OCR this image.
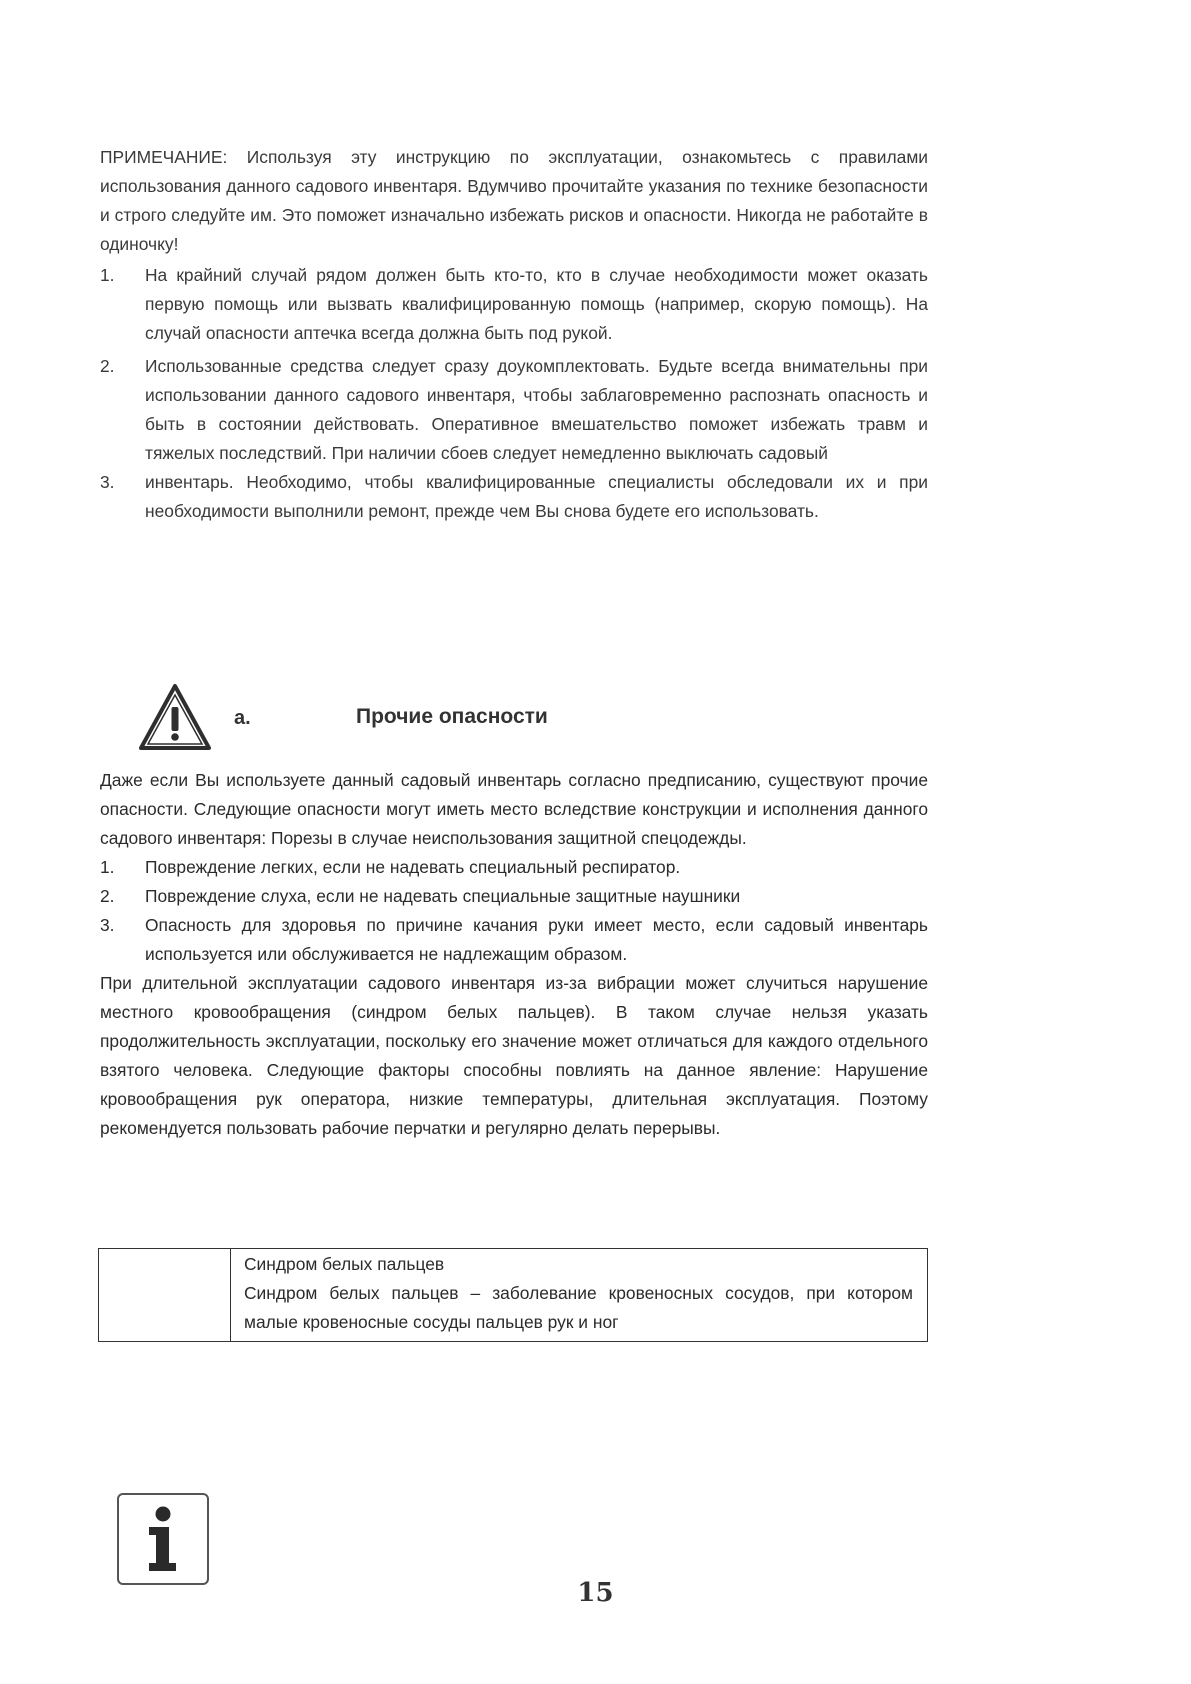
ПРИМЕЧАНИЕ: Используя эту инструкцию по эксплуатации, ознакомьтесь с правилами использования данного садового инвентаря. Вдумчиво прочитайте указания по технике безопасности и строго следуйте им. Это поможет изначально избежать рисков и опасности. Никогда не работайте в одиночку!

1. На крайний случай рядом должен быть кто-то, кто в случае необходимости может оказать первую помощь или вызвать квалифицированную помощь (например, скорую помощь). На случай опасности аптечка всегда должна быть под рукой.
2. Использованные средства следует сразу доукомплектовать. Будьте всегда внимательны при использовании данного садового инвентаря, чтобы заблаговременно распознать опасность и быть в состоянии действовать. Оперативное вмешательство поможет избежать травм и тяжелых последствий. При наличии сбоев следует немедленно выключать садовый
3. инвентарь. Необходимо, чтобы квалифицированные специалисты обследовали их и при необходимости выполнили ремонт, прежде чем Вы снова будете его использовать.
a.	Прочие опасности

Даже если Вы используете данный садовый инвентарь согласно предписанию, существуют прочие опасности. Следующие опасности могут иметь место вследствие конструкции и исполнения данного садового инвентаря: Порезы в случае неиспользования защитной спецодежды.

1. Повреждение легких, если не надевать специальный респиратор.
2. Повреждение слуха, если не надевать специальные защитные наушники
3. Опасность для здоровья по причине качания руки имеет место, если садовый инвентарь используется или обслуживается не надлежащим образом.

При длительной эксплуатации садового инвентаря из-за вибрации может случиться нарушение местного кровообращения (синдром белых пальцев). В таком случае нельзя указать продолжительность эксплуатации, поскольку его значение может отличаться для каждого отдельного взятого человека. Следующие факторы способны повлиять на данное явление: Нарушение кровообращения рук оператора, низкие температуры, длительная эксплуатация. Поэтому рекомендуется пользовать рабочие перчатки и регулярно делать перерывы.

Синдром белых пальцев

Синдром белых пальцев – заболевание кровеносных сосудов, при котором малые кровеносные сосуды пальцев рук и ног

15
